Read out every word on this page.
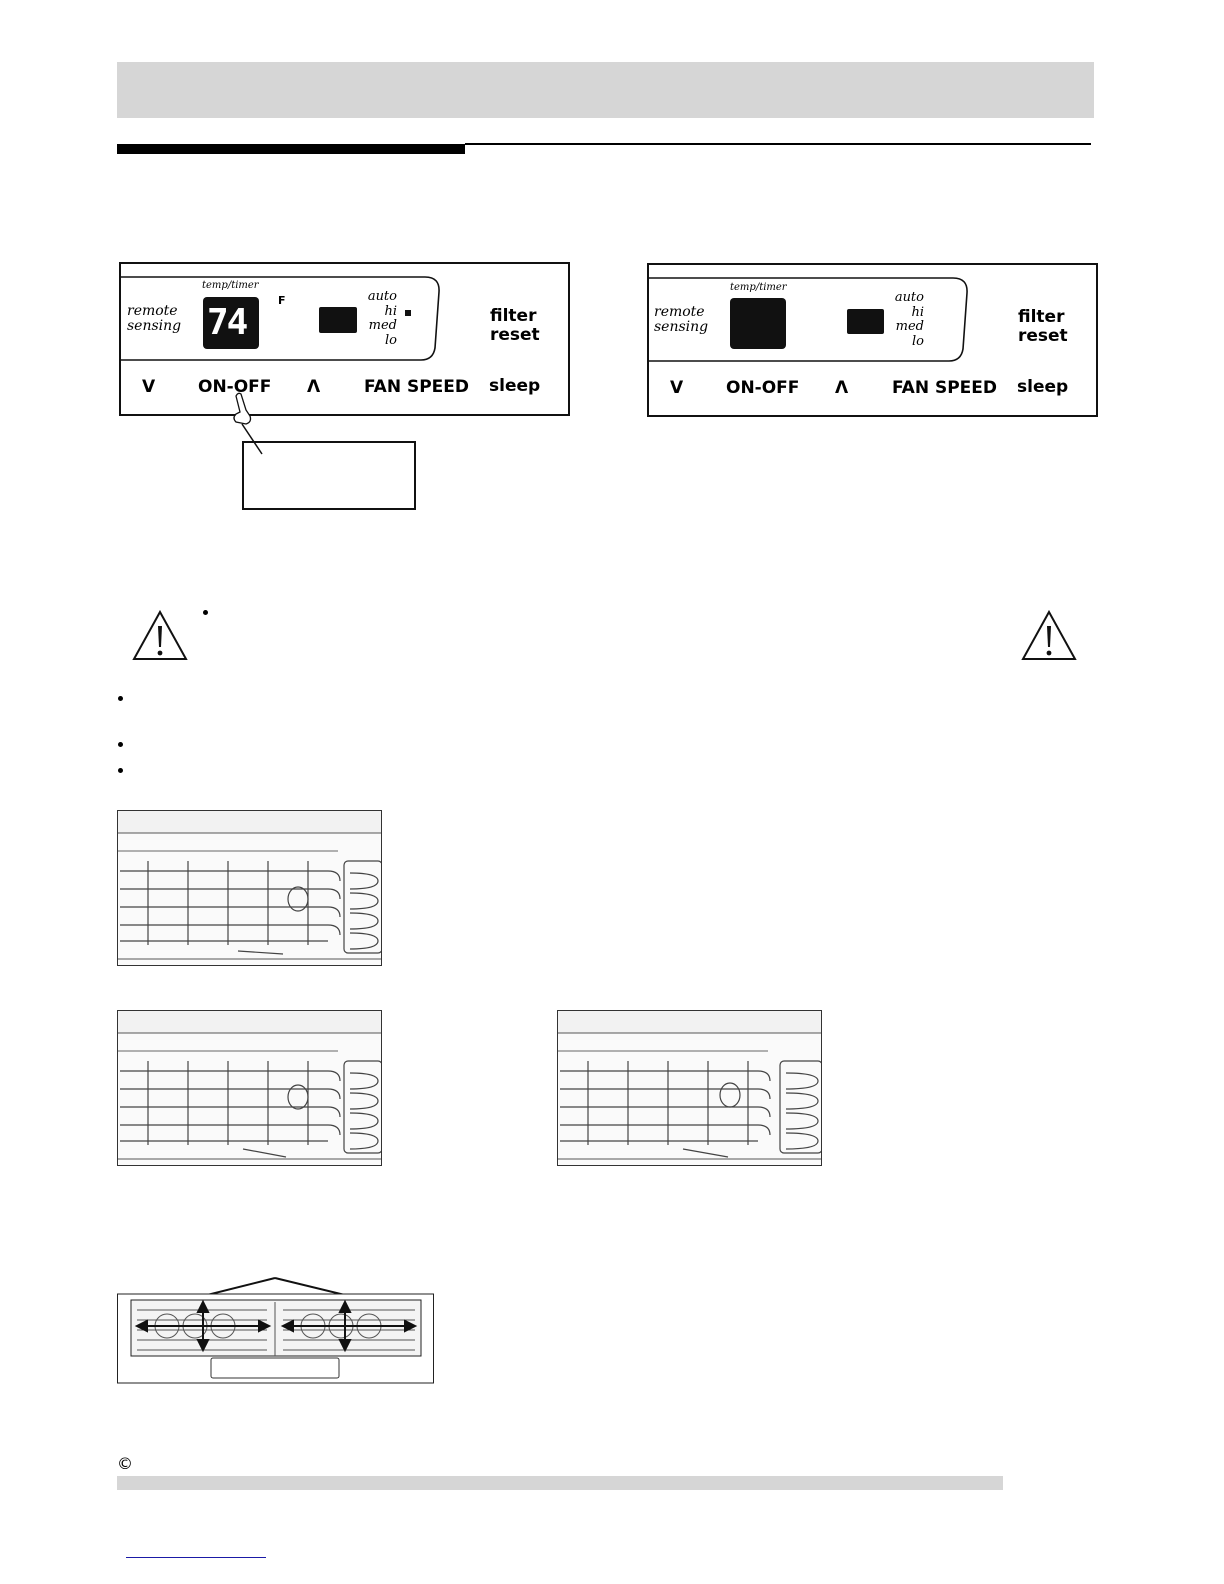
remote
sensing
temp/timer
74
F	auto
hi
med
lo
filter
reset
V	ON-OFF Λ	FAN SPEED sleep
remote
sensing
temp/timer
auto
hi
med
lo
filter
reset
V	ON-OFF Λ	FAN SPEED sleep
©
